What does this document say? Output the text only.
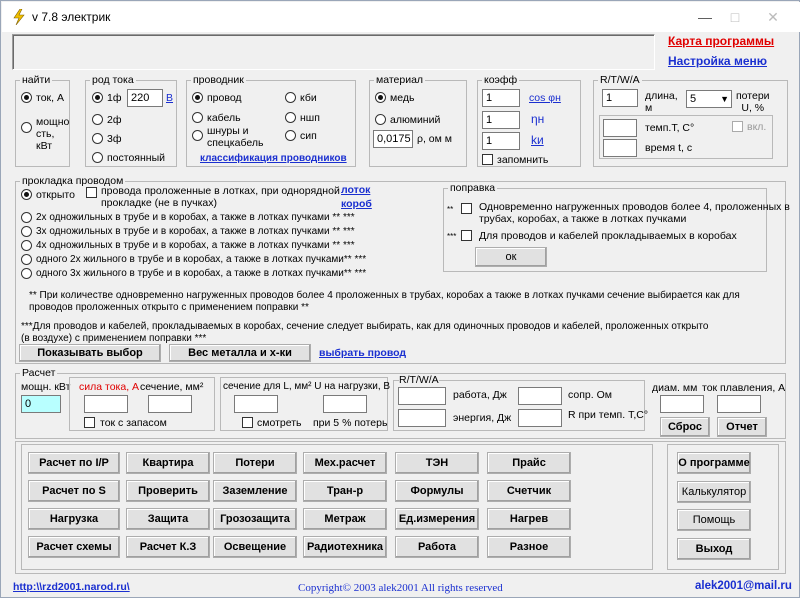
v 7.8 электрик	—	□	✕
Карта программы
Настройка меню
найти
ток, А
мощно
сть,
кВт
род тока
1ф 220	В
2ф
3ф
постоянный
проводник
провод
кабель
шнуры и
спецкабель
кби
ншп
сип
классификация проводников
материал
медь
алюминий
0,0175 ρ, ом м
коэфф
1	cos φн
1	ηн
1	kи
запомнить
R/T/W/A
1	длина,
м
5	▼ потери
U, %
темп.T, C°	вкл.
время t, с
прокладка проводом
открыто провода проложенные в лотках, при однорядной
прокладке (не в пучках)
лоток
короб
2х одножильных в трубе и в коробах, а также в лотках пучками ** ***
3х одножильных в трубе и в коробах, а также в лотках пучками ** ***
4х одножильных в трубе и в коробах, а также в лотках пучками ** ***
одного 2х жильного в трубе и в коробах, а также в лотках пучками** ***
одного 3х жильного в трубе и в коробах, а также в лотках пучками** ***
** При количестве одновременно нагруженных проводов более 4 проложенных в трубах, коробах а также в лотках пучками сечение выбирается как для
проводов проложенных открыто с применением поправки **
***Для проводов и кабелей, прокладываемых в коробах, сечение следует выбирать, как для одиночных проводов и кабелей, проложенных открыто
(в воздухе) с применением поправки ***
Показывать выбор	Вес металла и х-ки	выбрать провод
поправка
** Одновременно нагруженных проводов более 4, проложенных в
трубах, коробах, а также в лотках пучками
*** Для проводов и кабелей прокладываемых в коробах
ок
Расчет
мощн. кВт
0
сила тока, А сечение, мм²
ток с запасом
сечение для L, мм² U на нагрузки, В
смотреть при 5 % потерь
R/T/W/A
работа, Дж	сопр. Ом
энергия, Дж	R при темп. T,C°
диам. мм ток плавления, А
Сброс	Отчет
Расчет по I/P	Квартира	Потери	Мех.расчет	ТЭН	Прайс
Расчет по S	Проверить	Заземление	Тран-р	Формулы	Счетчик
Нагрузка	Защита	Грозозащита	Метраж	Ед.измерения	Нагрев
Расчет схемы	Расчет К.З	Освещение	Радиотехника	Работа	Разное
О программе
Калькулятор
Помощь
Выход
http:\\rzd2001.narod.ru\	Copyright© 2003 alek2001 All rights reserved	alek2001@mail.ru
